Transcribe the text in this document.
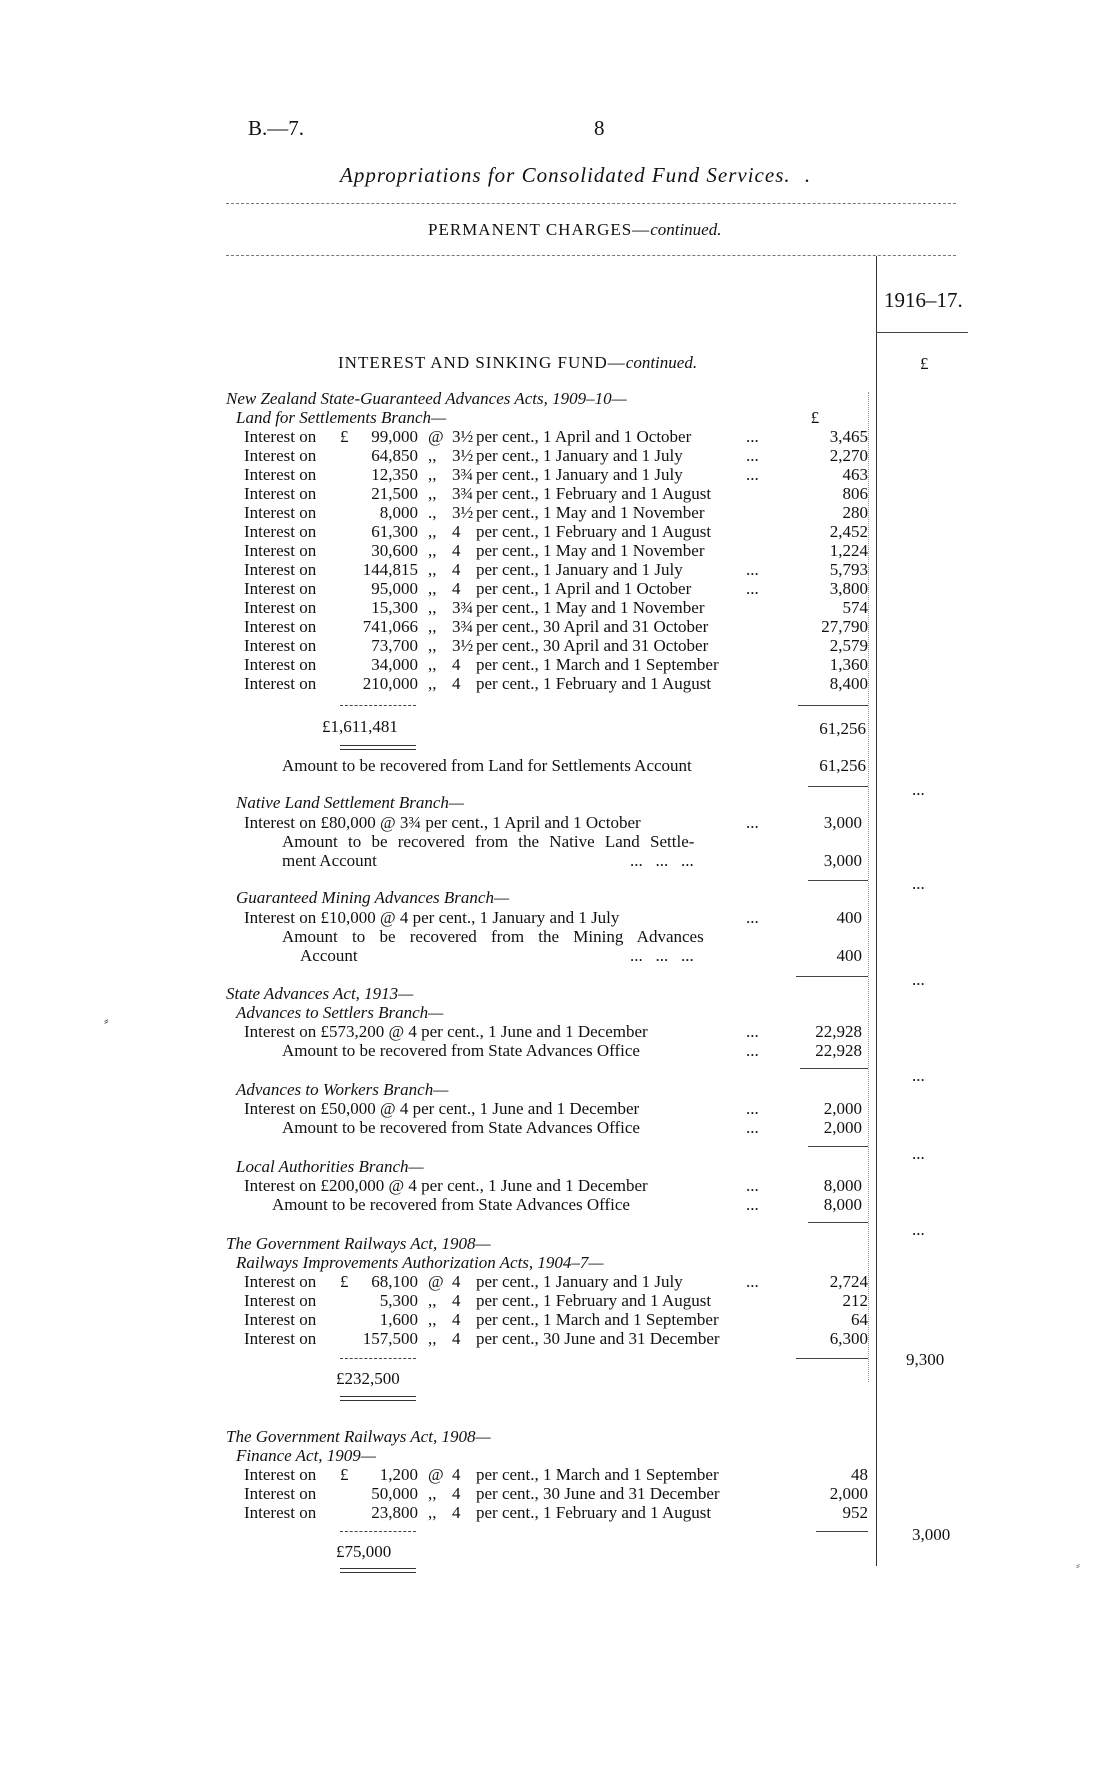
B.—7.	8
Appropriations for Consolidated Fund Services. .
PERMANENT CHARGES—continued.
1916–17.
£
INTEREST AND SINKING FUND—continued.
New Zealand State-Guaranteed Advances Acts, 1909–10—
Land for Settlements Branch—	£
Interest on £ 99,000 @ 3½ per cent., 1 April and 1 October	...	3,465
Interest on	64,850 ,, 3½ per cent., 1 January and 1 July	...	2,270
Interest on	12,350 ,, 3¾ per cent., 1 January and 1 July	...	463
Interest on	21,500 ,, 3¾ per cent., 1 February and 1 August	806
Interest on	8,000 ., 3½ per cent., 1 May and 1 November	280
Interest on	61,300 ,, 4 per cent., 1 February and 1 August	2,452
Interest on	30,600 ,, 4 per cent., 1 May and 1 November	1,224
Interest on	144,815 ,, 4 per cent., 1 January and 1 July	...	5,793
Interest on	95,000 ,, 4 per cent., 1 April and 1 October	...	3,800
Interest on	15,300 ,, 3¾ per cent., 1 May and 1 November	574
Interest on	741,066 ,, 3¾ per cent., 30 April and 31 October	27,790
Interest on	73,700 ,, 3½ per cent., 30 April and 31 October	2,579
Interest on	34,000 ,, 4 per cent., 1 March and 1 September	1,360
Interest on	210,000 ,, 4 per cent., 1 February and 1 August	8,400
£1,611,481	61,256
Amount to be recovered from Land for Settlements Account	61,256
...
Native Land Settlement Branch—
Interest on £80,000 @ 3¾ per cent., 1 April and 1 October	...	3,000
Amount to be recovered from the Native Land Settle-
ment Account	...   ...   ...	3,000
...
Guaranteed Mining Advances Branch—
Interest on £10,000 @ 4 per cent., 1 January and 1 July	...	400
Amount to be recovered from the Mining Advances
Account	...   ...   ...	400
...
State Advances Act, 1913—
Advances to Settlers Branch—
Interest on £573,200 @ 4 per cent., 1 June and 1 December	...	22,928
Amount to be recovered from State Advances Office	...	22,928
...
Advances to Workers Branch—
Interest on £50,000 @ 4 per cent., 1 June and 1 December	...	2,000
Amount to be recovered from State Advances Office	...	2,000
...
Local Authorities Branch—
Interest on £200,000 @ 4 per cent., 1 June and 1 December	...	8,000
Amount to be recovered from State Advances Office	...	8,000
...
The Government Railways Act, 1908—
Railways Improvements Authorization Acts, 1904–7—
Interest on £ 68,100 @ 4 per cent., 1 January and 1 July	...	2,724
Interest on	5,300 ,, 4 per cent., 1 February and 1 August	212
Interest on	1,600 ,, 4 per cent., 1 March and 1 September	64
Interest on	157,500 ,, 4 per cent., 30 June and 31 December	6,300
£232,500
9,300
The Government Railways Act, 1908—
Finance Act, 1909—
Interest on £ 1,200 @ 4 per cent., 1 March and 1 September	48
Interest on	50,000 ,, 4 per cent., 30 June and 31 December	2,000
Interest on	23,800 ,, 4 per cent., 1 February and 1 August	952
£75,000
3,000
⸗
⸗
